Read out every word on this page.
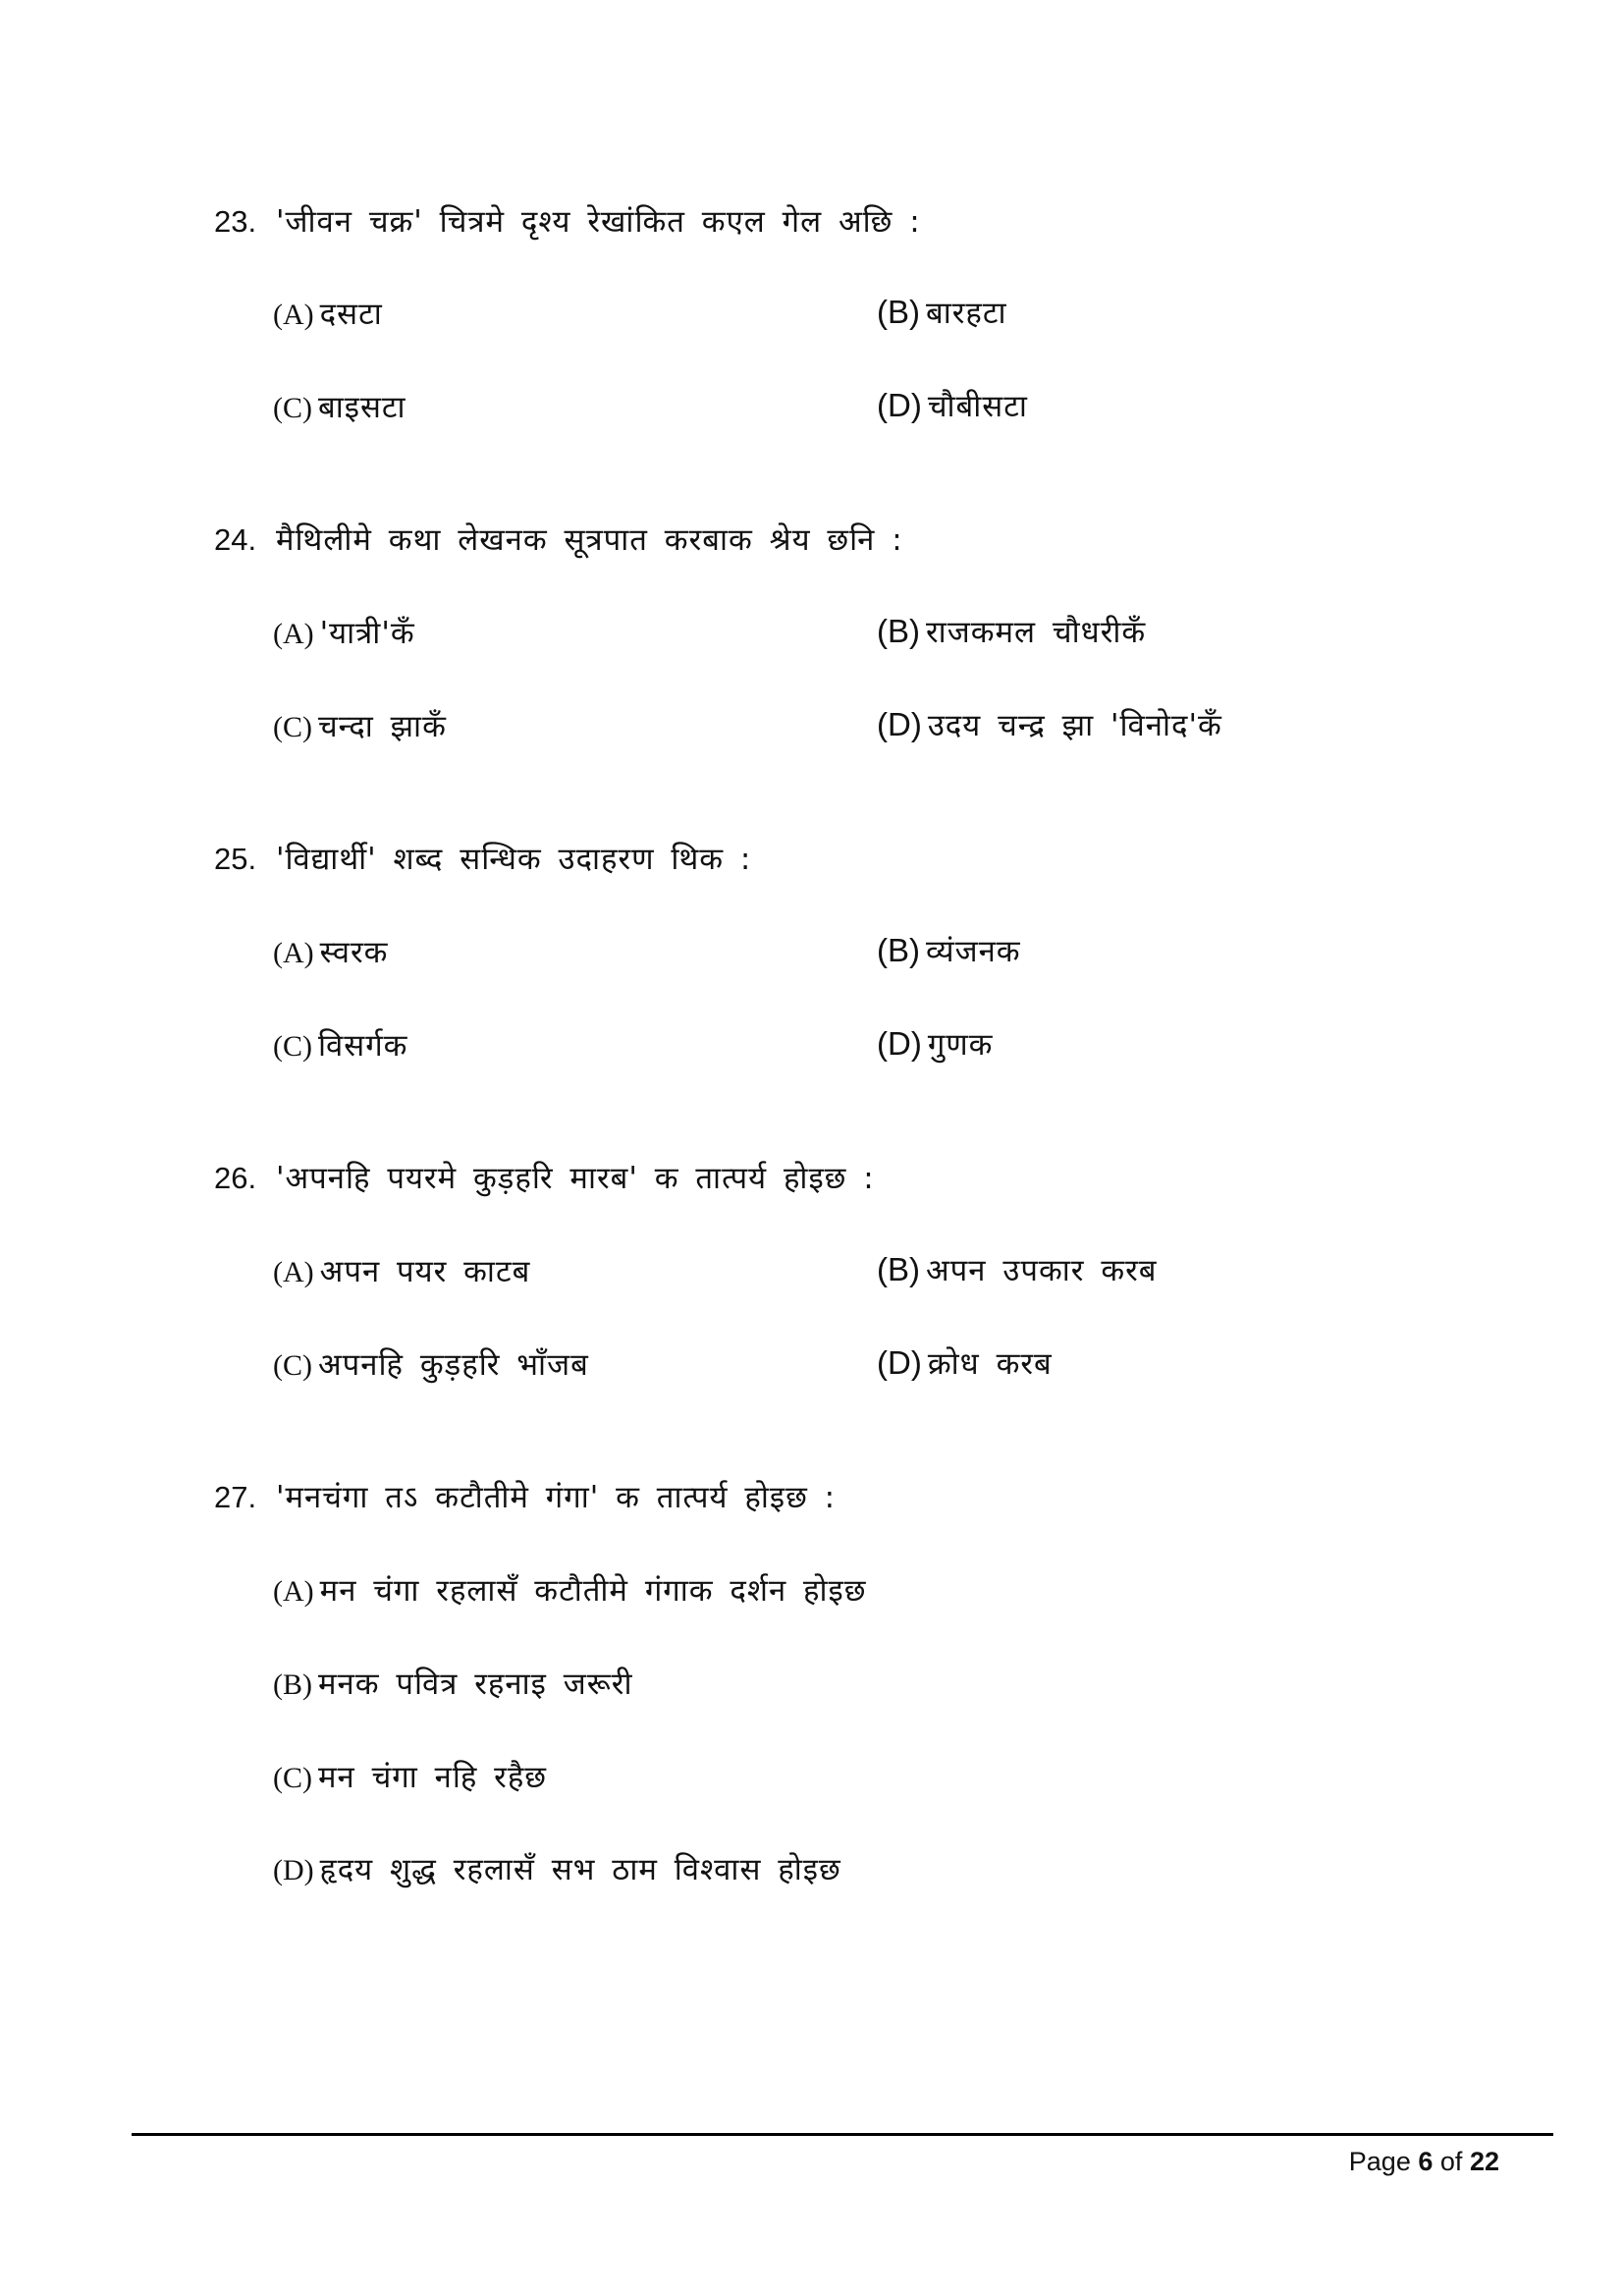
23. 'जीवन चक्र' चित्रमे दृश्य रेखांकित कएल गेल अछि :
(A) दसटा	(B) बारहटा
(C) बाइसटा	(D) चौबीसटा
24. मैथिलीमे कथा लेखनक सूत्रपात करबाक श्रेय छनि :
(A) 'यात्री'कँ	(B) राजकमल चौधरीकँ
(C) चन्दा झाकँ	(D) उदय चन्द्र झा 'विनोद'कँ
25. 'विद्यार्थी' शब्द सन्धिक उदाहरण थिक :
(A) स्वरक	(B) व्यंजनक
(C) विसर्गक	(D) गुणक
26. 'अपनहि पयरमे कुड़हरि मारब' क तात्पर्य होइछ :
(A) अपन पयर काटब	(B) अपन उपकार करब
(C) अपनहि कुड़हरि भाँजब	(D) क्रोध करब
27. 'मनचंगा तऽ कटौतीमे गंगा' क तात्पर्य होइछ :
(A) मन चंगा रहलासँ कटौतीमे गंगाक दर्शन होइछ
(B) मनक पवित्र रहनाइ जरूरी
(C) मन चंगा नहि रहैछ
(D) हृदय शुद्ध रहलासँ सभ ठाम विश्वास होइछ
Page 6 of 22
